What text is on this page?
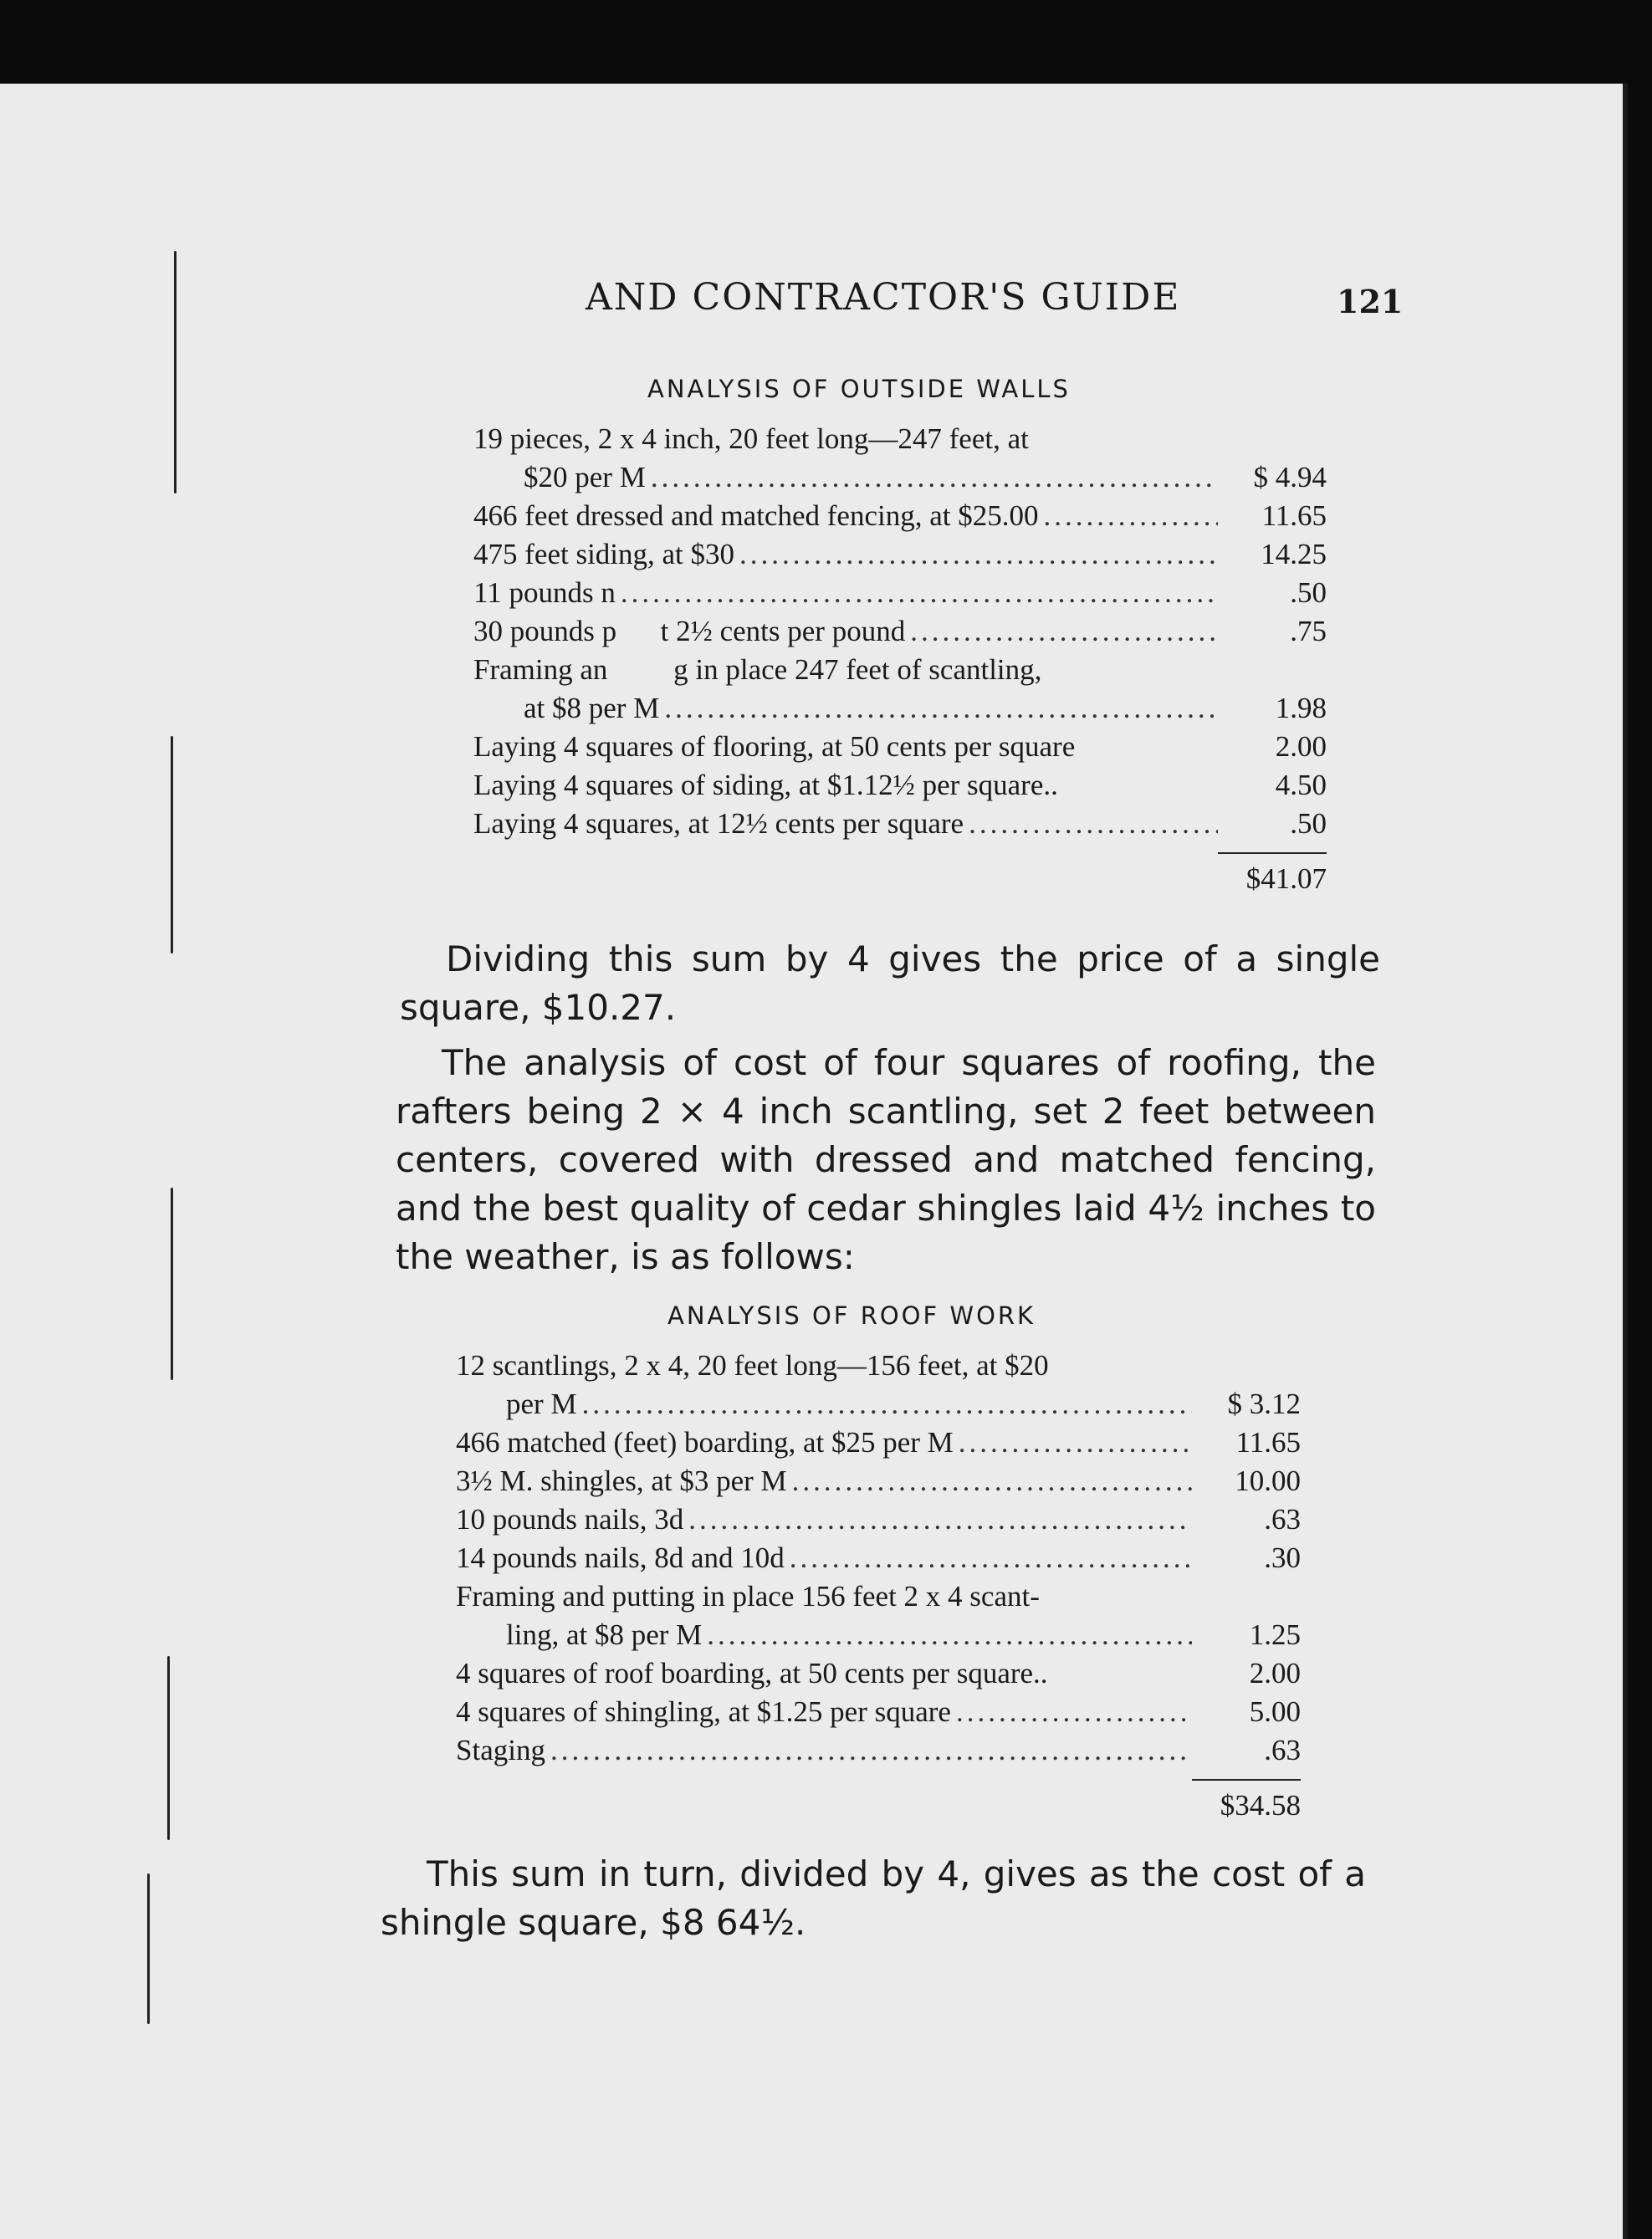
AND CONTRACTOR'S GUIDE	121
ANALYSIS OF OUTSIDE WALLS
19 pieces, 2 x 4 inch, 20 feet long—247 feet, at
$20 per M .....	$ 4.94
466 feet dressed and matched fencing, at $25.00 .....	11.65
475 feet siding, at $30 .....	14.25
11 pounds n .....	.50
30 pounds p      t 2½ cents per pound .....	.75
Framing an         g in place 247 feet of scantling,
at $8 per M .....	1.98
Laying 4 squares of flooring, at 50 cents per square	2.00
Laying 4 squares of siding, at $1.12½ per square..	4.50
Laying 4 squares, at 12½ cents per square .....	.50
$41.07

Dividing this sum by 4 gives the price of a single square, $10.27.

The analysis of cost of four squares of roofing, the rafters being 2 × 4 inch scantling, set 2 feet between centers, covered with dressed and matched fencing, and the best quality of cedar shingles laid 4½ inches to the weather, is as follows:

ANALYSIS OF ROOF WORK
12 scantlings, 2 x 4, 20 feet long—156 feet, at $20
per M .....	$ 3.12
466 matched (feet) boarding, at $25 per M .....	11.65
3½ M. shingles, at $3 per M .....	10.00
10 pounds nails, 3d .....	.63
14 pounds nails, 8d and 10d .....	.30
Framing and putting in place 156 feet 2 x 4 scant-
ling, at $8 per M .....	1.25
4 squares of roof boarding, at 50 cents per square..	2.00
4 squares of shingling, at $1.25 per square .....	5.00
Staging .....	.63
$34.58

This sum in turn, divided by 4, gives as the cost of a shingle square, $8 64½.
